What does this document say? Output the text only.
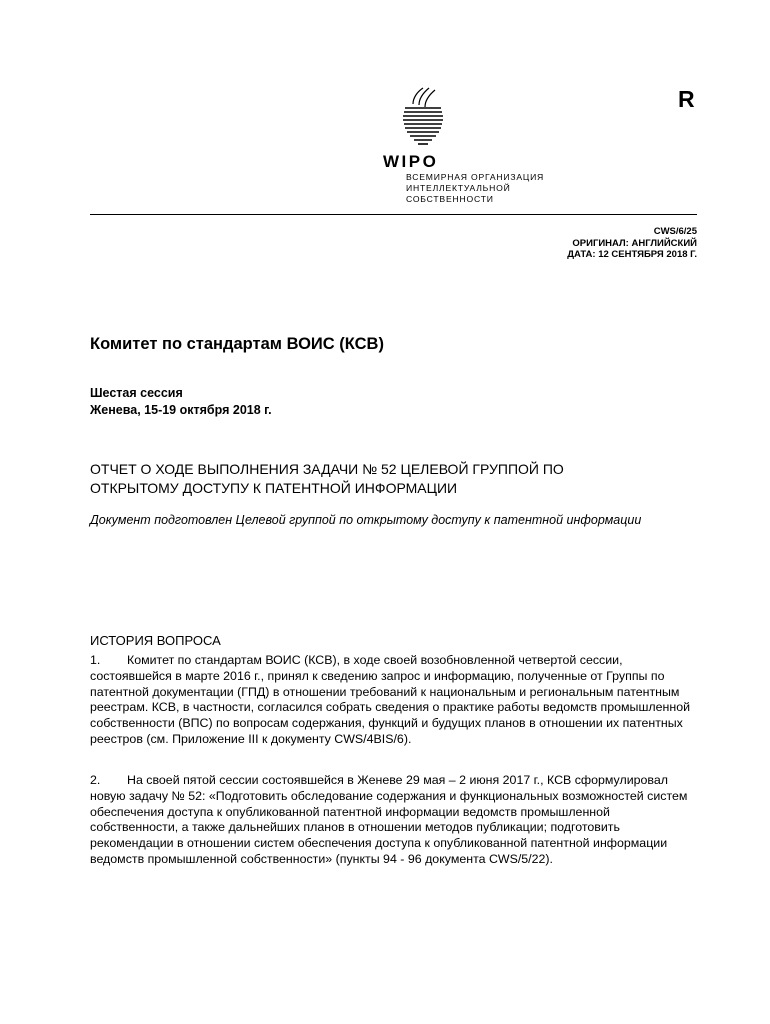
R
WIPO
ВСЕМИРНАЯ ОРГАНИЗАЦИЯ
ИНТЕЛЛЕКТУАЛЬНОЙ
СОБСТВЕННОСТИ
CWS/6/25
ОРИГИНАЛ: АНГЛИЙСКИЙ
ДАТА: 12 СЕНТЯБРЯ 2018 Г.
Комитет по стандартам ВОИС (КСВ)
Шестая сессия
Женева, 15-19 октября 2018 г.
ОТЧЕТ О ХОДЕ ВЫПОЛНЕНИЯ ЗАДАЧИ № 52 ЦЕЛЕВОЙ ГРУППОЙ ПО
ОТКРЫТОМУ ДОСТУПУ К ПАТЕНТНОЙ ИНФОРМАЦИИ
Документ подготовлен Целевой группой по открытому доступу к патентной информации
ИСТОРИЯ ВОПРОСА
1. Комитет по стандартам ВОИС (КСВ), в ходе своей возобновленной четвертой сессии, состоявшейся в марте 2016 г., принял к сведению запрос и информацию, полученные от Группы по патентной документации (ГПД) в отношении требований к национальным и региональным патентным реестрам. КСВ, в частности, согласился собрать сведения о практике работы ведомств промышленной собственности (ВПС) по вопросам содержания, функций и будущих планов в отношении их патентных реестров (см. Приложение III к документу CWS/4BIS/6).
2. На своей пятой сессии состоявшейся в Женеве 29 мая – 2 июня 2017 г., КСВ сформулировал новую задачу № 52: «Подготовить обследование содержания и функциональных возможностей систем обеспечения доступа к опубликованной патентной информации ведомств промышленной собственности, а также дальнейших планов в отношении методов публикации; подготовить рекомендации в отношении систем обеспечения доступа к опубликованной патентной информации ведомств промышленной собственности» (пункты 94 - 96 документа CWS/5/22).
